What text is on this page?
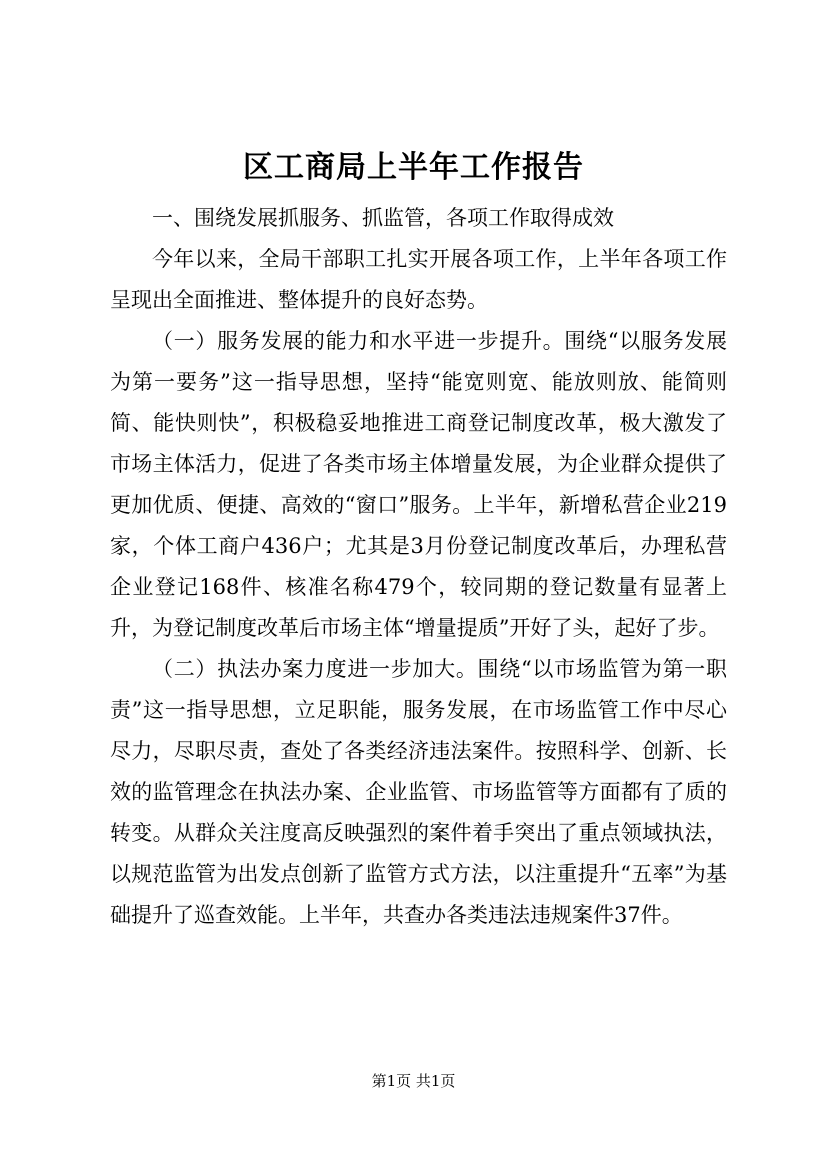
区工商局上半年工作报告

一、围绕发展抓服务、抓监管，各项工作取得成效

今年以来，全局干部职工扎实开展各项工作，上半年各项工作呈现出全面推进、整体提升的良好态势。

（一）服务发展的能力和水平进一步提升。围绕“以服务发展为第一要务”这一指导思想，坚持“能宽则宽、能放则放、能简则简、能快则快”，积极稳妥地推进工商登记制度改革，极大激发了市场主体活力，促进了各类市场主体增量发展，为企业群众提供了更加优质、便捷、高效的“窗口”服务。上半年，新增私营企业219家，个体工商户436户；尤其是3月份登记制度改革后，办理私营企业登记168件、核准名称479个，较同期的登记数量有显著上升，为登记制度改革后市场主体“增量提质”开好了头，起好了步。

（二）执法办案力度进一步加大。围绕“以市场监管为第一职责”这一指导思想，立足职能，服务发展，在市场监管工作中尽心尽力，尽职尽责，查处了各类经济违法案件。按照科学、创新、长效的监管理念在执法办案、企业监管、市场监管等方面都有了质的转变。从群众关注度高反映强烈的案件着手突出了重点领域执法，以规范监管为出发点创新了监管方式方法，以注重提升“五率”为基础提升了巡查效能。上半年，共查办各类违法违规案件37件。

第1页 共1页
